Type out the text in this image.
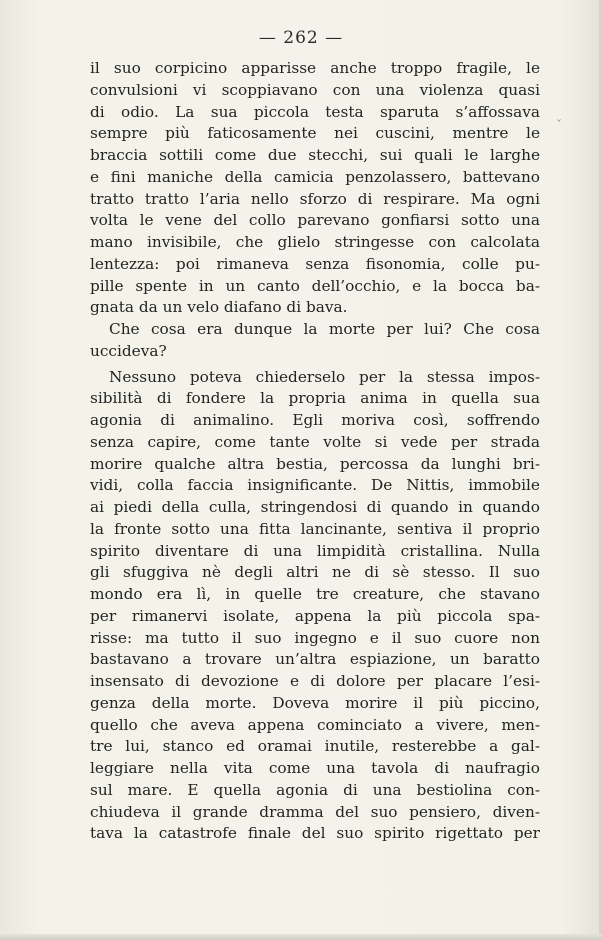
— 262 —
il suo corpicino apparisse anche troppo fragile, le
convulsioni vi scoppiavano con una violenza quasi
di odio. La sua piccola testa sparuta s’affossava
sempre più faticosamente nei cuscini, mentre le
braccia sottili come due stecchi, sui quali le larghe
e fini maniche della camicia penzolassero, battevano
tratto tratto l’aria nello sforzo di respirare. Ma ogni
volta le vene del collo parevano gonfiarsi sotto una
mano invisibile, che glielo stringesse con calcolata
lentezza: poi rimaneva senza fisonomia, colle pu-
pille spente in un canto dell’occhio, e la bocca ba-
gnata da un velo diafano di bava.
Che cosa era dunque la morte per lui? Che cosa
uccideva?
Nessuno poteva chiederselo per la stessa impos-
sibilità di fondere la propria anima in quella sua
agonia di animalino. Egli moriva così, soffrendo
senza capire, come tante volte si vede per strada
morire qualche altra bestia, percossa da lunghi bri-
vidi, colla faccia insignificante. De Nittis, immobile
ai piedi della culla, stringendosi di quando in quando
la fronte sotto una fitta lancinante, sentiva il proprio
spirito diventare di una limpidità cristallina. Nulla
gli sfuggiva nè degli altri ne di sè stesso. Il suo
mondo era lì, in quelle tre creature, che stavano
per rimanervi isolate, appena la più piccola spa-
risse: ma tutto il suo ingegno e il suo cuore non
bastavano a trovare un’altra espiazione, un baratto
insensato di devozione e di dolore per placare l’esi-
genza della morte. Doveva morire il più piccino,
quello che aveva appena cominciato a vivere, men-
tre lui, stanco ed oramai inutile, resterebbe a gal-
leggiare nella vita come una tavola di naufragio
sul mare. E quella agonia di una bestiolina con-
chiudeva il grande dramma del suo pensiero, diven-
tava la catastrofe finale del suo spirito rigettato per
ˇ
